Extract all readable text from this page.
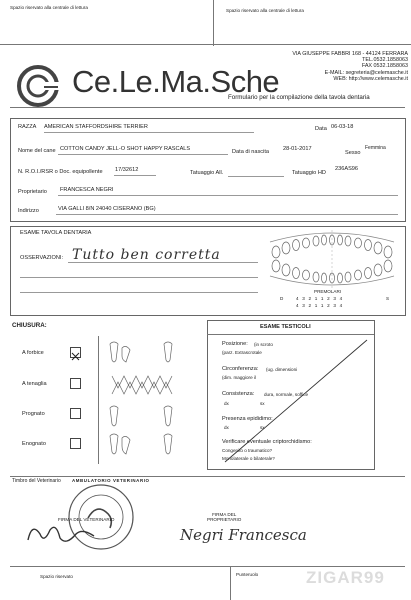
Spazio riservato alla centrale di lettura
Spazio riservato alla centrale di lettura
Ce.Le.Ma.Sche
VIA GIUSEPPE FABBRI 168 - 44124 FERRARA
TEL.0532.1858063
FAX 0532.1858063
E-MAIL: segreteria@celemasche.it
WEB: http://www.celemasche.it
Formulario per la compilazione della tavola dentaria
RAZZA AMERICAN STAFFORDSHIRE TERRIER	Data 06-03-18
Nome del cane COTTON CANDY JELL-O SHOT HAPPY RASCALS	Data di nascita 28-01-2017
Sesso
Femmina
N. R.O.I./RSR o Doc. equipollente 17/32612	Tatuaggio All.	Tatuaggio HD
236AS96
Proprietario FRANCESCA NEGRI
Indirizzo	VIA GALLI 8/N 24040 CISERANO (BG)
ESAME TAVOLA DENTARIA
OSSERVAZIONI: Tutto ben corretta
PREMOLARI
D	4 3 2 1 1 2 3 4	S
4 3 2 1 1 2 3 4
CHIUSURA:
A forbice
A tenaglia
Prognato
Enognato
ESAME TESTICOLI
Posizione: (in scroto
(parz. Extrascrotale
Circonferenza: (ug. dimensioni
(dim. maggiore il
Consistenza: dura, normale, soffice
dx	sx
Presenza epididimo:
dx	sx
Verificare eventuale criptorchidismo:
Congenito o traumatico?
Monolaterale o bilaterale?
Timbro del Veterinario	AMBULATORIO VETERINARIO
FIRMA DEL VETERINARIO
FIRMA DEL
PROPRIETARIO
Negri Francesca
Spazio riservato	Punteruolo	ZIGAR99
